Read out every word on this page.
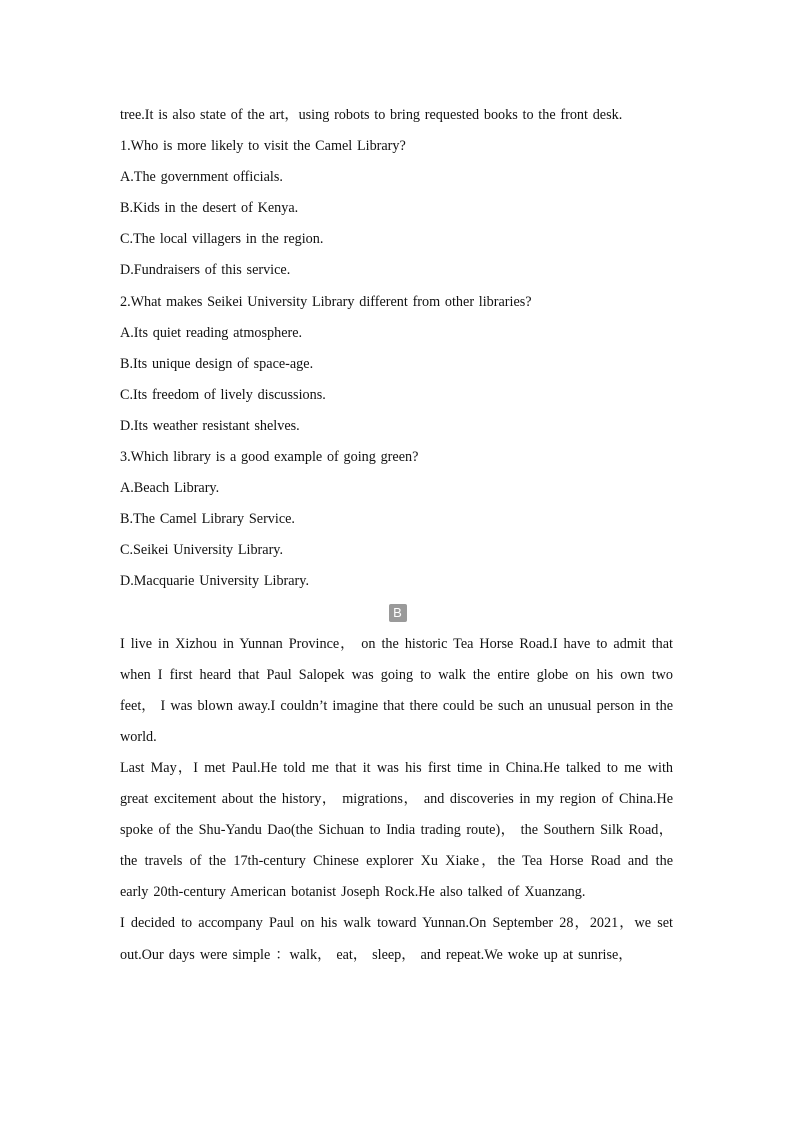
tree.It is also state of the art，using robots to bring requested books to the front desk.
1.Who is more likely to visit the Camel Library?
A.The government officials.
B.Kids in the desert of Kenya.
C.The local villagers in the region.
D.Fundraisers of this service.
2.What makes Seikei University Library different from other libraries?
A.Its quiet reading atmosphere.
B.Its unique design of space-age.
C.Its freedom of lively discussions.
D.Its weather resistant shelves.
3.Which library is a good example of going green?
A.Beach Library.
B.The Camel Library Service.
C.Seikei University Library.
D.Macquarie University Library.
B

I live in Xizhou in Yunnan Province， on the historic Tea Horse Road.I have to admit that when I first heard that Paul Salopek was going to walk the entire globe on his own two feet， I was blown away.I couldn’t imagine that there could be such an unusual person in the world.

Last May，I met Paul.He told me that it was his first time in China.He talked to me with great excitement about the history， migrations， and discoveries in my region of China.He spoke of the Shu-Yandu Dao(the Sichuan to India trading route)， the Southern Silk Road，the travels of the 17th-century Chinese explorer Xu Xiake，the Tea Horse Road and the early 20th-century American botanist Joseph Rock.He also talked of Xuanzang.

I decided to accompany Paul on his walk toward Yunnan.On September 28，2021，we set out.Our days were simple ：walk， eat， sleep， and repeat.We woke up at sunrise，
